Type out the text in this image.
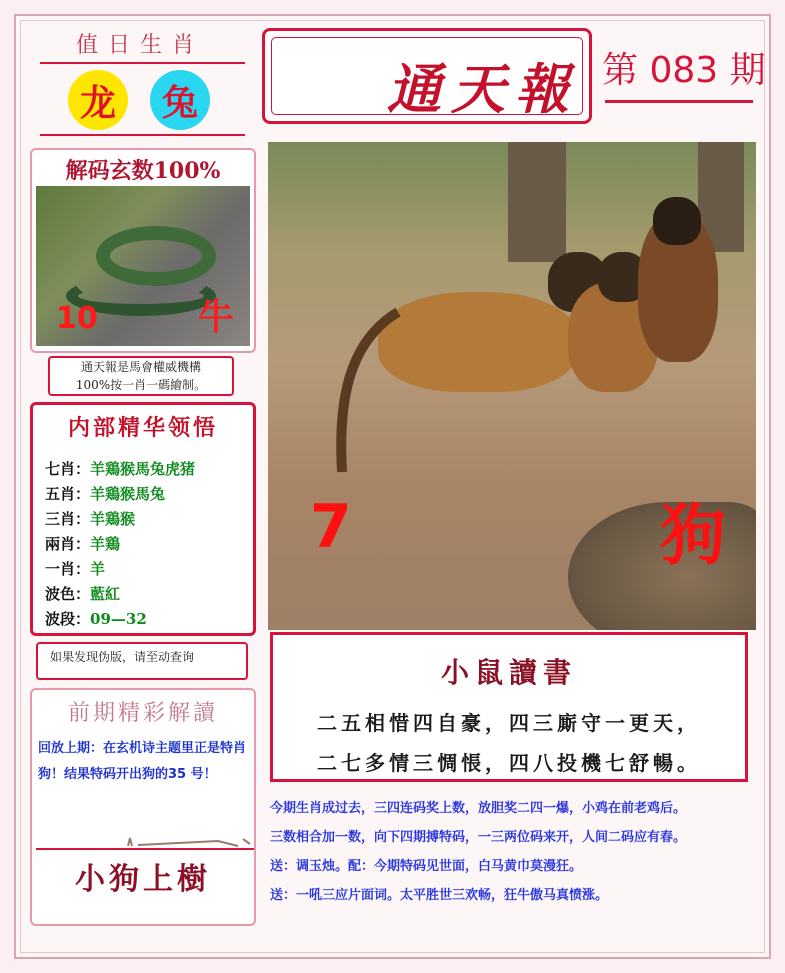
值日生肖
龙	兔	通天報 第 083 期
解码玄数100%
10	牛
通天報是馬會權威機構
100%按一肖一碼繪制。
内部精华领悟
七肖：羊鶏猴馬兔虎猪
五肖：羊鶏猴馬兔
三肖：羊鶏猴
兩肖：羊鶏
一肖：羊
波色：藍紅
波段：09—32
如果发现伪版，请至动查询
前期精彩解讀
回放上期：在玄机诗主题里正是特肖狗！结果特码开出狗的35 号！
小狗上樹
7	狗
小鼠讀書
二五相惜四自豪，四三廝守一更天，
二七多情三惆悵，四八投機七舒暢。
今期生肖成过去，三四连码奖上数，放胆奖二四一爆，小鸡在前老鸡后。
三数相合加一数，向下四期搏特码，一三两位码来开，人间二码应有春。
送：调玉烛。配：今期特码见世面，白马黄巾莫漫狂。
送：一吼三应片面词。太平胜世三欢畅，狂牛傲马真愤涨。
